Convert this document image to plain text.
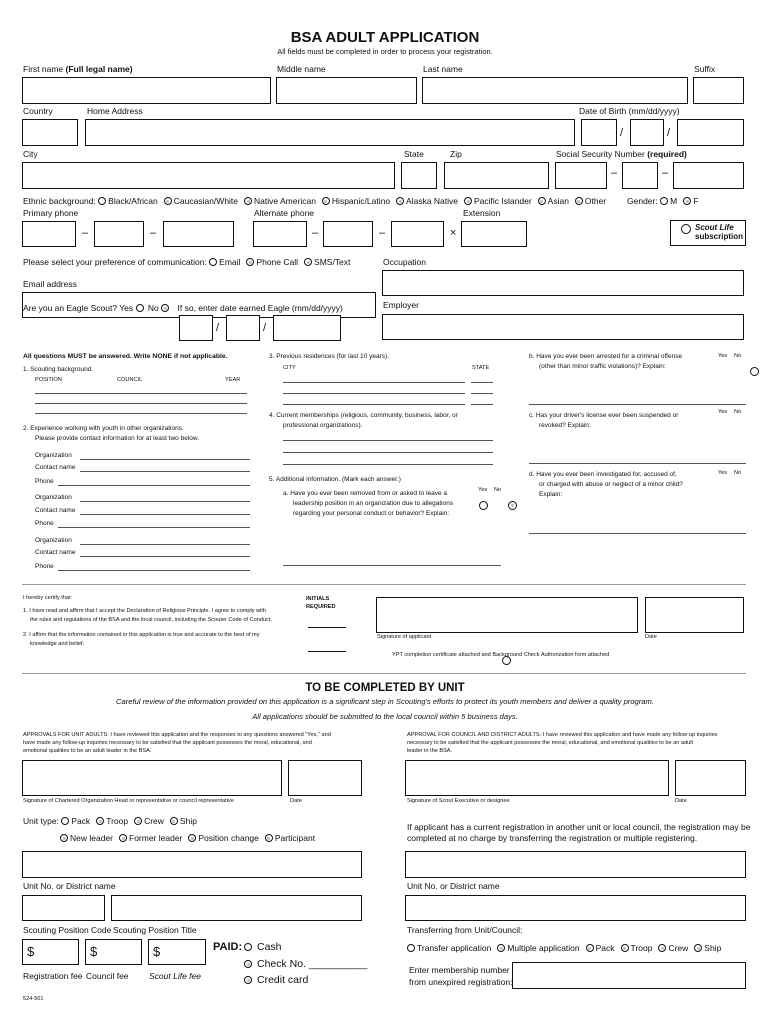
BSA ADULT APPLICATION
All fields must be completed in order to process your registration.
First name (Full legal name)	Middle name	Last name	Suffix
Country	Home Address	Date of Birth (mm/dd/yyyy)
/	/
City	State	Zip	Social Security Number (required)
–	–
Ethnic background: Black/African Caucasian/White Native American Hispanic/Latino Alaska Native Pacific Islander Asian Other	Gender: M F
Primary phone	Alternate phone	Extension
–	–	–	–	×	Scout Life
subscription
Please select your preference of communication: Email Phone Call SMS/Text	Occupation
Email address
Are you an Eagle Scout? Yes No If so, enter date earned Eagle (mm/dd/yyyy)	Employer
/	/
All questions MUST be answered. Write NONE if not applicable.
1. Scouting background.
POSITION	COUNCIL	YEAR
2. Experience working with youth in other organizations.
Please provide contact information for at least two below.
Organization
Contact name
Phone
Organization
Contact name
Phone
Organization
Contact name
Phone
3. Previous residences (for last 10 years).
CITY	STATE
4. Current memberships (religious, community, business, labor, or
professional organizations).
5. Additional information. (Mark each answer.)
a. Have you ever been removed from or asked to leave a
leadership position in an organization due to allegations
regarding your personal conduct or behavior? Explain:
Yes No

b. Have you ever been arrested for a criminal offense
(other than minor traffic violations)? Explain:
Yes No

c. Has your driver's license ever been suspended or
revoked? Explain:
Yes No

d. Have you ever been investigated for, accused of,
or charged with abuse or neglect of a minor child?
Explain:
Yes No

I hereby certify that:
1. I have read and affirm that I accept the Declaration of Religious Principle. I agree to comply with
the rules and regulations of the BSA and the local council, including the Scouter Code of Conduct.
2. I affirm that the information contained in this application is true and accurate to the best of my
knowledge and belief.
INITIALS
REQUIRED
Signature of applicant	Date
YPT completion certificate attached and Background Check Authorization form attached
TO BE COMPLETED BY UNIT
Careful review of the information provided on this application is a significant step in Scouting's efforts to protect its youth members and deliver a quality program.
All applications should be submitted to the local council within 5 business days.
APPROVALS FOR UNIT ADULTS: I have reviewed this application and the responses to any questions answered "Yes," and
have made any follow-up inquiries necessary to be satisfied that the applicant possesses the moral, educational, and
emotional qualities to be an adult leader in the BSA.
APPROVAL FOR COUNCIL AND DISTRICT ADULTS: I have reviewed this application and have made any follow-up inquiries
necessary to be satisfied that the applicant possesses the moral, educational, and emotional qualities to be an adult
leader in the BSA.
Signature of Chartered Organization Head or representative or council representative	Date	Signature of Scout Executive or designee	Date
Unit type: Pack Troop Crew Ship
New leader Former leader Position change Participant
If applicant has a current registration in another unit or local council, the registration may be
completed at no charge by transferring the registration or multiple registering.
Unit No. or District name	Unit No. or District name
Scouting Position Code Scouting Position Title	Transferring from Unit/Council:
$	$	$
Registration fee Council fee Scout Life fee
PAID:	Cash
Check No. __________
Credit card
Transfer application Multiple application Pack Troop Crew Ship
Enter membership number
from unexpired registration:
524-501
